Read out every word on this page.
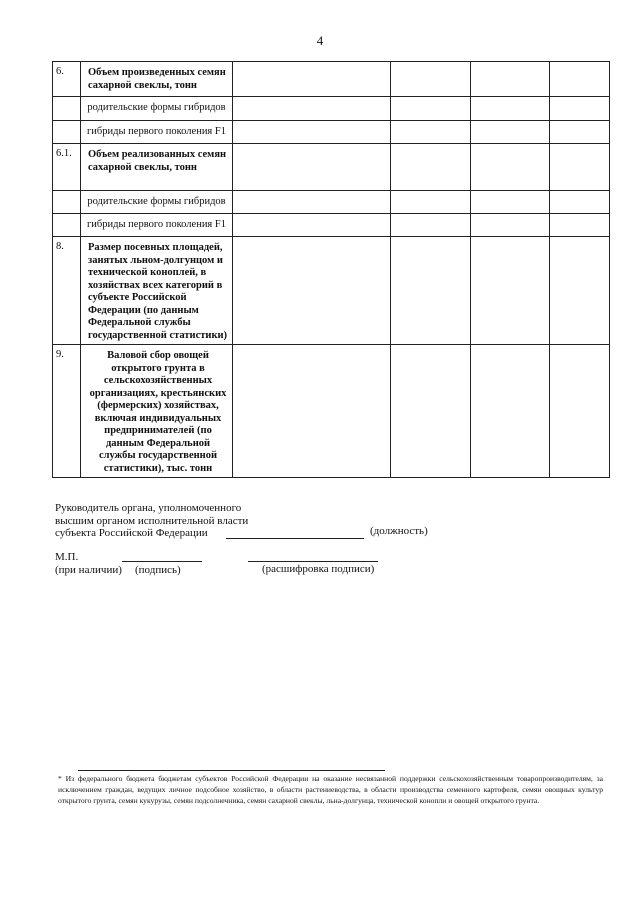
4
6.	Объем произведенных семян сахарной свеклы, тонн				
	родительские формы гибридов				
	гибриды первого поколения F1				
6.1.	Объем реализованных семян сахарной свеклы, тонн				
	родительские формы гибридов				
	гибриды первого поколения F1				
8.	Размер посевных площадей, занятых льном-долгунцом и технической коноплей, в хозяйствах всех категорий в субъекте Российской Федерации (по данным Федеральной службы государственной статистики)				
9.	Валовой сбор овощей открытого грунта в сельскохозяйственных организациях, крестьянских (фермерских) хозяйствах, включая индивидуальных предпринимателей (по данным Федеральной службы государственной статистики), тыс. тонн				
Руководитель органа, уполномоченного
высшим органом исполнительной власти
субъекта Российской Федерации	(должность)
М.П.
(при наличии) (подпись)	(расшифровка подписи)
* Из федерального бюджета бюджетам субъектов Российской Федерации на оказание несвязанной поддержки сельскохозяйственным товаропроизводителям, за исключением граждан, ведущих личное подсобное хозяйство, в области растениеводства, в области производства семенного картофеля, семян овощных культур открытого грунта, семян кукурузы, семян подсолнечника, семян сахарной свеклы, льна-долгунца, технической конопли и овощей открытого грунта.
